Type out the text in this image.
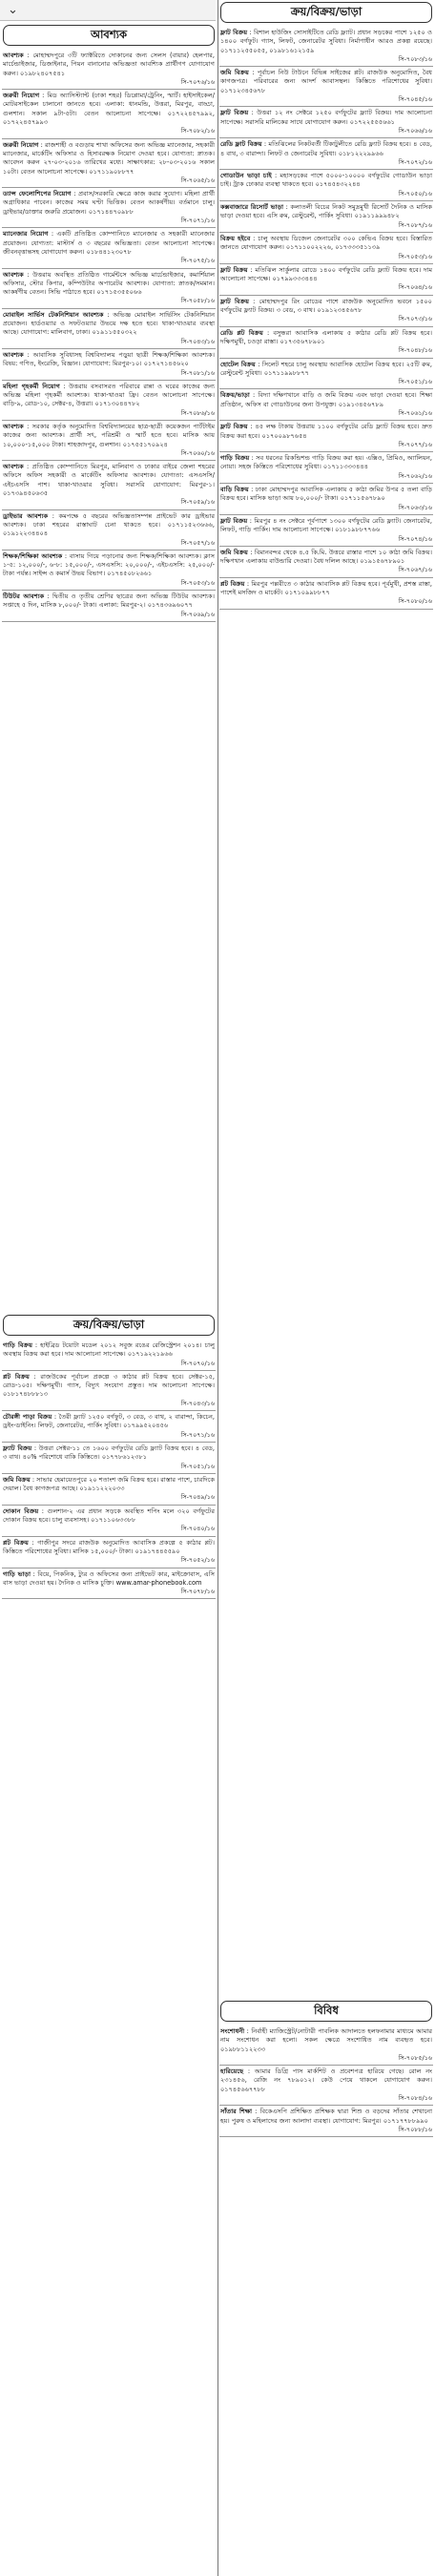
⌄
আবশ্যক
আবশ্যক : মোহাম্মদপুরে ৩টি ফ্যাক্টরিতে দোকানের জন্য সেলস (বায়ার) হেলপার, মার্চেন্ডাইজার, ডিজাইনার, পিয়ন বানানোর অভিজ্ঞতা আবশ্যিক প্রার্থীগণ যোগাযোগ করুন। ০১৯৮২৪০৭৫৪১
সি-৭০৭৬/১৬
জরুরী নিয়োগ : মিড অ্যাসিস্ট্যান্ট (ঢাকা শহর) ডিপ্লোমা/ট্রেনিং, স্মার্ট। হাইসাইকেল/মোটরসাইকেল চালানো জানতে হবে। এলাকা: ধানমন্ডি, উত্তরা, মিরপুর, বাড্ডা, গুলশান। সকাল ৯টা-৫টা। বেতন আলোচনা সাপেক্ষে। ০১৭২২৪৫৭৯৯২, ০১৭২২৪৫৭৯৯৩
সি-৭০৮২/১৬
জরুরী নিয়োগ : রাজশাহী ও বগুড়ায় শাখা অফিসের জন্য অভিজ্ঞ ম্যানেজার, সহকারী ম্যানেজার, মার্কেটিং অফিসার ও হিসাবরক্ষক নিয়োগ দেওয়া হবে। যোগ্যতা: স্নাতক। আবেদন করুন ২৭-০৩-২০১৬ তারিখের মধ্যে। সাক্ষাৎকার: ২৮-০৩-২০১৬ সকাল ১০টা। বেতন আলোচনা সাপেক্ষে। ০১৭১১৯০৮৮৭৭
সি-৭০৬৫/১৬
ড্যান্স ফেলোশিপের নিয়োগ : প্রবাস/সরকারি ক্ষেত্রে কাজ করার সুযোগ। মহিলা প্রার্থী অগ্রাধিকার পাবেন। কাজের সময় ঘণ্টা ভিত্তিক। বেতন আকর্ষণীয়। বর্তমানে চালু। ড্রাইভার/ডাক্তার জরুরি প্রয়োজন। ০১৭১৪৪৭০৯৮৮
সি-৭০৭১/১৬
ম্যানেজার নিয়োগ : একটি প্রতিষ্ঠিত কোম্পানিতে ম্যানেজার ও সহকারী ম্যানেজার প্রয়োজন। যোগ্যতা: মাস্টার্স ও ৩ বছরের অভিজ্ঞতা। বেতন আলোচনা সাপেক্ষে। জীবনবৃত্তান্তসহ যোগাযোগ করুন। ০১৮৪৪১২৩০৭৮
সি-৭০৭৫/১৬
আবশ্যক : উত্তরায় অবস্থিত প্রতিষ্ঠিত গার্মেন্টসে অভিজ্ঞ মার্চেন্ডাইজার, কমার্শিয়াল অফিসার, স্টোর কিপার, কম্পিউটার অপারেটর আবশ্যক। যোগ্যতা: স্নাতক/সমমান। আকর্ষণীয় বেতন। সিভি পাঠাতে হবে। ০১৭১৫৩৫৫০৬৬
সি-৭০৫৮/১৬
মোবাইল সার্ভিস টেকনিশিয়ান আবশ্যক : অভিজ্ঞ মোবাইল সার্ভিসিং টেকনিশিয়ান প্রয়োজন। হার্ডওয়্যার ও সফটওয়্যার উভয়ে দক্ষ হতে হবে। থাকা-খাওয়ার ব্যবস্থা আছে। যোগাযোগ: মালিবাগ, ঢাকা। ০১৯১১৫৫০৩২২
সি-৭০৪৩/১৬
আবশ্যক : আবাসিক সুবিধাসহ বিশ্ববিদ্যালয় পড়ুয়া ছাত্রী শিক্ষক/শিক্ষিকা আবশ্যক। বিষয়: গণিত, ইংরেজি, বিজ্ঞান। যোগাযোগ: মিরপুর-১০। ০১৭২৭১৪৫৬২০
সি-৭০৮১/১৬
মহিলা গৃহকর্মী নিয়োগ : উত্তরায় বসবাসরত পরিবারে রান্না ও ঘরের কাজের জন্য অভিজ্ঞ মহিলা গৃহকর্মী আবশ্যক। থাকা-খাওয়া ফ্রি। বেতন আলোচনা সাপেক্ষে। বাড়ি-৯, রোড-১০, সেক্টর-৪, উত্তরা। ০১৭১৩০৪৪৭৮২
সি-৭০৮৬/১৬
আবশ্যক : সরকার কর্তৃক অনুমোদিত বিশ্ববিদ্যালয়ের ছাত্র-ছাত্রী কয়েকজন পার্টটাইম কাজের জন্য আবশ্যক। প্রার্থী সৎ, পরিশ্রমী ও স্মার্ট হতে হবে। মাসিক আয় ১০,০০০-১৫,০০০ টাকা। শাহজাদপুর, গুলশান। ০১৭৫৫১৭০৯২৪
সি-৭০৬০/১৬
আবশ্যক : প্রতিষ্ঠিত কোম্পানিতে মিরপুর, মালিবাগ ও ঢাকার বাইরে জেলা শহরের অফিসে অফিস সহকারী ও মার্কেটিং অফিসার আবশ্যক। যোগ্যতা: এসএসসি/এইচএসসি পাশ। থাকা-খাওয়ার সুবিধা। সরাসরি যোগাযোগ: মিরপুর-১। ০১৭৩৯৪৫০৬৩৫
সি-৭০৫৯/১৬
ড্রাইভার আবশ্যক : কমপক্ষে ৫ বছরের অভিজ্ঞতাসম্পন্ন প্রাইভেট কার ড্রাইভার আবশ্যক। ঢাকা শহরের রাস্তাঘাট চেনা থাকতে হবে। ০১৭১১৫২৩৬৬৬, ০১৯১২২৩৪৪০৪
সি-৭০৫৭/১৬
শিক্ষক/শিক্ষিকা আবশ্যক : বাসায় গিয়ে পড়ানোর জন্য শিক্ষক/শিক্ষিকা আবশ্যক। ক্লাস ১-৫: ১২,০০০/-, ৬-৮: ১৫,০০০/-, এসএসসি: ২০,০০০/-, এইচএসসি: ২৫,০০০/- টাকা পর্যন্ত। সাইন্স ও কমার্স উভয় বিভাগ। ০১৭৪৫০৮২৬৬১
সি-৭০৫৩/১৬
টিউটর আবশ্যক : দ্বিতীয় ও তৃতীয় শ্রেণির ছাত্রের জন্য অভিজ্ঞ টিউটর আবশ্যক। সপ্তাহে ৫ দিন, মাসিক ৮,০০০/- টাকা। এলাকা: মিরপুর-২। ০১৭৪৩৬৯৬০৭৭
সি-৭০৬৯/১৬
ক্রয়/বিক্রয়/ভাড়া
গাড়ি বিক্রয় : হাইব্রিড টয়োটা মডেল ২০১২ সবুজ রঙের রেজিস্ট্রেশন ২০১৪। চালু অবস্থায় বিক্রয় করা হবে। দাম আলোচনা সাপেক্ষে। ০১৭১৯২২১৯৬৬
সি-৭০৭০/১৬
প্লট বিক্রয় : রাজউকের পূর্বাচল প্রকল্পে ৩ কাঠার প্লট বিক্রয় হবে। সেক্টর-১৫, রোড-১০৫। দক্ষিণমুখী। গ্যাস, বিদ্যুৎ সংযোগ প্রস্তুত। দাম আলোচনা সাপেক্ষে। ০১৮১৭৪৮৮৮১৩
সি-৭০৪৩/১৬
চৌরঙ্গী পাড়া বিক্রয় : তৈরী ফ্ল্যাট ১২৫০ বর্গফুট, ৩ বেড, ৩ বাথ, ২ বারান্দা, কিচেন, ড্রইং-ডাইনিং। লিফট, জেনারেটর, পার্কিং সুবিধা। ০১৭৯৯৫২০৪৫৬
সি-৭০৭১/১৬
ফ্ল্যাট বিক্রয় : উত্তরা সেক্টর-১১ তে ১৬০০ বর্গফুটের রেডি ফ্ল্যাট বিক্রয় হবে। ৪ বেড, ৩ বাথ। ৪০% পরিশোধে বাকি কিস্তিতে। ০১৭৭৮৬১২৩৮১
সি-৭০৫১/১৬
জমি বিক্রয় : সাভার হেমায়েতপুরে ২০ শতাংশ জমি বিক্রয় হবে। রাস্তার পাশে, চারদিকে দেয়াল। বৈধ কাগজপত্র আছে। ০১৯১১২২২০৩৩
সি-৭০৪৯/১৬
দোকান বিক্রয় : গুলশান-২ এর প্রধান সড়কে অবস্থিত শপিং মলে ৩২০ বর্গফুটের দোকান বিক্রয় হবে। চালু ব্যবসাসহ। ০১৭১১০৬৩৩৮৮
সি-৭০৪০/১৬
প্লট বিক্রয় : গাজীপুর সদরে রাজউক অনুমোদিত আবাসিক প্রকল্পে ৫ কাঠার প্লট। কিস্তিতে পরিশোধের সুবিধা। মাসিক ১৫,০০০/- টাকা। ০১৯১৭৪৪৫৫৯০
সি-৭০৫২/১৬
গাড়ি ভাড়া : বিয়ে, পিকনিক, ট্যুর ও অফিসের জন্য প্রাইভেট কার, মাইক্রোবাস, এসি বাস ভাড়া দেওয়া হয়। দৈনিক ও মাসিক চুক্তি। www.amar-phonebook.com
সি-৭০৭৮/১৬
ক্রয়/বিক্রয়/ভাড়া
ফ্লাট বিক্রয় : বিশাল হাউজিং সোসাইটিতে রেডি ফ্ল্যাট। প্রধান সড়কের পাশে ১২৫০ ও ১৪০০ বর্গফুট। গ্যাস, লিফট, জেনারেটর সুবিধা। নির্মাণাধীন আরও প্রকল্প রয়েছে। ০১৭১১২৫৫০৫৫, ০১৯৮১৬১২১৫৯
সি-৭০৮৩/১৬
জমি বিক্রয় : পূর্বাচল নিউ টাউনে বিভিন্ন সাইজের প্লট। রাজউক অনুমোদিত, বৈধ কাগজপত্র। পরিবারের জন্য আদর্শ আবাসস্থল। কিস্তিতে পরিশোধের সুবিধা। ০১৭১২৩৪৫৬৭৮
সি-৭০৪৫/১৬
ফ্লাট বিক্রয় : উত্তরা ১২ নং সেক্টরে ১২৫০ বর্গফুটের ফ্ল্যাট বিক্রয়। দাম আলোচনা সাপেক্ষে। সরাসরি মালিকের সাথে যোগাযোগ করুন। ০১৭২২৫৫৫৬৬১
সি-৭০৬৬/১৬
রেডি ফ্লাট বিক্রয় : মতিঝিলের নিকটবর্তী টিকাটুলীতে রেডি ফ্ল্যাট বিক্রয় হবে। ৪ বেড, ৪ বাথ, ৩ বারান্দা। লিফট ও জেনারেটর সুবিধা। ০১৮১২২২৯৯৬৬
সি-৭০৭২/১৬
গোডাউন ভাড়া চাই : মহাসড়কের পাশে ৫০০০-১০০০০ বর্গফুটের গোডাউন ভাড়া চাই। ট্রাক ঢোকার ব্যবস্থা থাকতে হবে। ০১৭৪৫৪৩২২৪৪
সি-৭০৫০/১৬
কক্সবাজারে রিসোর্ট ভাড়া : কলাতলী বিচের নিকট সমুদ্রমুখী রিসোর্ট দৈনিক ও মাসিক ভাড়া দেওয়া হবে। এসি রুম, রেস্টুরেন্ট, পার্কিং সুবিধা। ০১৯১১৯৯৯৪৮২
সি-৭০৮৭/১৬
বিক্রয় হইবে : চালু অবস্থায় ডিজেল জেনারেটর ৩০০ কেভিএ বিক্রয় হবে। বিস্তারিত জানতে যোগাযোগ করুন। ০১৭১১০০২২২৬, ০১৭৩৩৩৫১১৩৯
সি-৭০৫৩/১৬
ফ্লাট বিক্রয় : মতিঝিল সার্কুলার রোডে ১৪০০ বর্গফুটের রেডি ফ্ল্যাট বিক্রয় হবে। দাম আলোচনা সাপেক্ষে। ০১৭৯৯৩৩৩৪৪৪
সি-৭০৬৪/১৬
ফ্লাট বিক্রয় : মোহাম্মদপুর রিং রোডের পাশে রাজউক অনুমোদিত ভবনে ১৫০০ বর্গফুটের ফ্ল্যাট বিক্রয়। ৩ বেড, ৩ বাথ। ০১৯১২৩৪৫৬৭৮
সি-৭০৭৩/১৬
রেডি প্লট বিক্রয় : বসুন্ধরা আবাসিক এলাকায় ৫ কাঠার রেডি প্লট বিক্রয় হবে। দক্ষিণমুখী, চওড়া রাস্তা। ০১৭৩৫৬৭৮৯০১
সি-৭০৪৮/১৬
হোটেল বিক্রয় : সিলেট শহরে চালু অবস্থায় আবাসিক হোটেল বিক্রয় হবে। ২৫টি রুম, রেস্টুরেন্ট সুবিধা। ০১৭১১৯৯৮৮৭৭
সি-৭০৫১/১৬
বিক্রয়/ভাড়া : বিদ্যা দক্ষিণখানে বাড়ি ও জমি বিক্রয় এবং ভাড়া দেওয়া হবে। শিক্ষা প্রতিষ্ঠান, অফিস বা গোডাউনের জন্য উপযুক্ত। ০১৯১৩৪৫৬৭৮৯
সি-৭০৬১/১৬
ফ্লাট বিক্রয় : ৪৫ লক্ষ টাকায় উত্তরায় ১১০০ বর্গফুটের রেডি ফ্ল্যাট বিক্রয় হবে। দ্রুত বিক্রয় করা হবে। ০১৭০০৯৮৭৬৫৪
সি-৭০৭৭/১৬
গাড়ি বিক্রয় : সব ধরনের রিকন্ডিশন্ড গাড়ি বিক্রয় করা হয়। এক্সিও, প্রিমিও, অ্যালিয়ন, নোয়া। সহজ কিস্তিতে পরিশোধের সুবিধা। ০১৭১১৩৩৩৪৪৪
সি-৭০৬২/১৬
বাড়ি বিক্রয় : ঢাকা মোহাম্মদপুর আবাসিক এলাকায় ৫ কাঠা জমির উপর ৫ তলা বাড়ি বিক্রয় হবে। মাসিক ভাড়া আয় ৮০,০০০/- টাকা। ০১৭১১৫৬৭৮৯০
সি-৭০৬৩/১৬
ফ্লাট বিক্রয় : মিরপুর ৪ নং সেক্টরে পূর্বপাশে ১৩০০ বর্গফুটের রেডি ফ্ল্যাট। জেনারেটর, লিফট, গাড়ি পার্কিং। দাম আলোচনা সাপেক্ষে। ০১৮১৯৮৮৭৭৬৬
সি-৭০৭৪/১৬
জমি বিক্রয় : বিমানবন্দর থেকে ৪.৫ কি.মি. উত্তরে রাস্তার পাশে ১০ কাঠা জমি বিক্রয়। দক্ষিণখান এলাকায় বাউন্ডারি দেওয়া। বৈধ দলিল আছে। ০১৯১৫৬৭৮৯০১
সি-৭০৬৭/১৬
প্লট বিক্রয় : মিরপুর পল্লবীতে ৩ কাঠার আবাসিক প্লট বিক্রয় হবে। পূর্বমুখী, প্রশস্ত রাস্তা, পাশেই মসজিদ ও মার্কেট। ০১৭১০৯৯৮৮৭৭
সি-৭০৮০/১৬
বিবিধ
সংশোধনী : নির্বাহী ম্যাজিস্ট্রেট/নোটারী পাবলিক আদালতে হলফনামার মাধ্যমে আমার নাম সংশোধন করা হলো। সকল ক্ষেত্রে সংশোধিত নাম ব্যবহৃত হবে। ০১৯৮৮১১২২৩৩
সি-৭০৮৫/১৬
হারিয়েছে : আমার ডিগ্রি পাস মার্কশিট ও প্রবেশপত্র হারিয়ে গেছে। রোল নং ২৩১৪৫৬, রেজি নং ৭৮৯০১২। কেউ পেয়ে থাকলে যোগাযোগ করুন। ০১৭৪৫৬৬৭৭৮৮
সি-৭০৮৪/১৬
সাঁতার শিক্ষা : বিকেএসপি প্রশিক্ষিত প্রশিক্ষক দ্বারা শিশু ও বড়দের সাঁতার শেখানো হয়। পুরুষ ও মহিলাদের জন্য আলাদা ব্যবস্থা। যোগাযোগ: মিরপুর। ০১৭১৭৭৮৮৯৯০
সি-৭০৮৮/১৬
